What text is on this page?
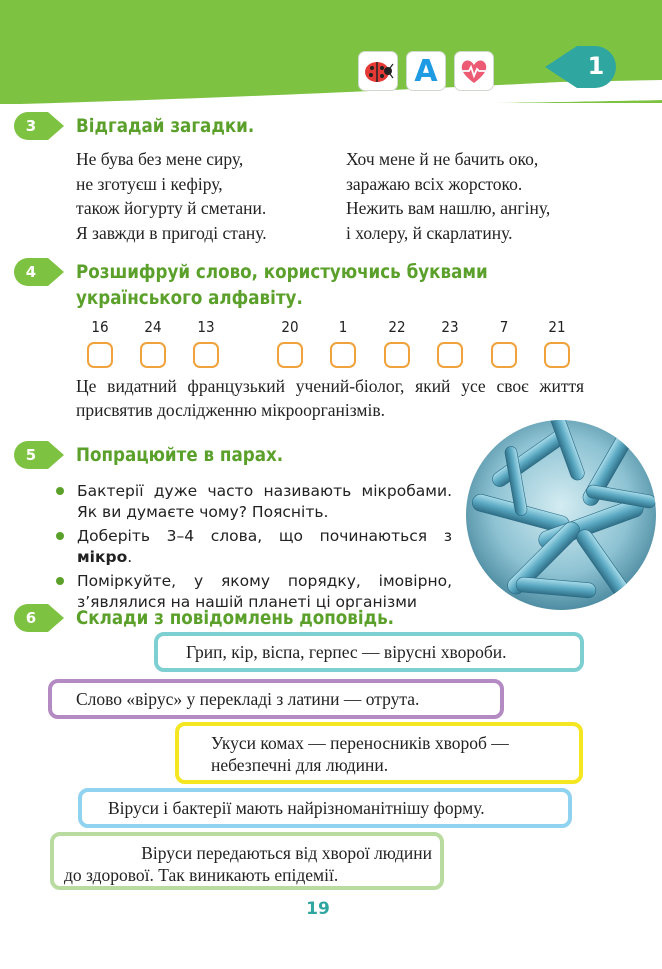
A	1
3	Відгадай загадки.
Не бува без мене сиру,
не зготуєш і кефіру,
також йогурту й сметани.
Я завжди в пригоді стану.
Хоч мене й не бачить око,
заражаю всіх жорстоко.
Нежить вам нашлю, ангіну,
і холеру, й скарлатину.
4	Розшифруй слово, користуючись буквами
українського алфавіту.
16	24	13	20	1	22	23	7	21
Це видатний французький учений-біолог, який усе своє життя присвятив дослідженню мікроорганізмів.
5	Попрацюйте в парах.
Бактерії дуже часто називають мікробами. Як ви думаєте чому? Поясніть.
Доберіть 3–4 слова, що починаються з мікро.
Поміркуйте, у якому порядку, імовірно, з’являлися на нашій планеті ці організми
6	Склади з повідомлень доповідь.
Грип, кір, віспа, герпес — вірусні хвороби.
Слово «вірус» у перекладі з латини — отрута.
Укуси комах — переносників хвороб —
небезпечні для людини.
Віруси і бактерії мають найрізноманітнішу форму.
Віруси передаються від хворої людини
до здорової. Так виникають епідемії.
19
